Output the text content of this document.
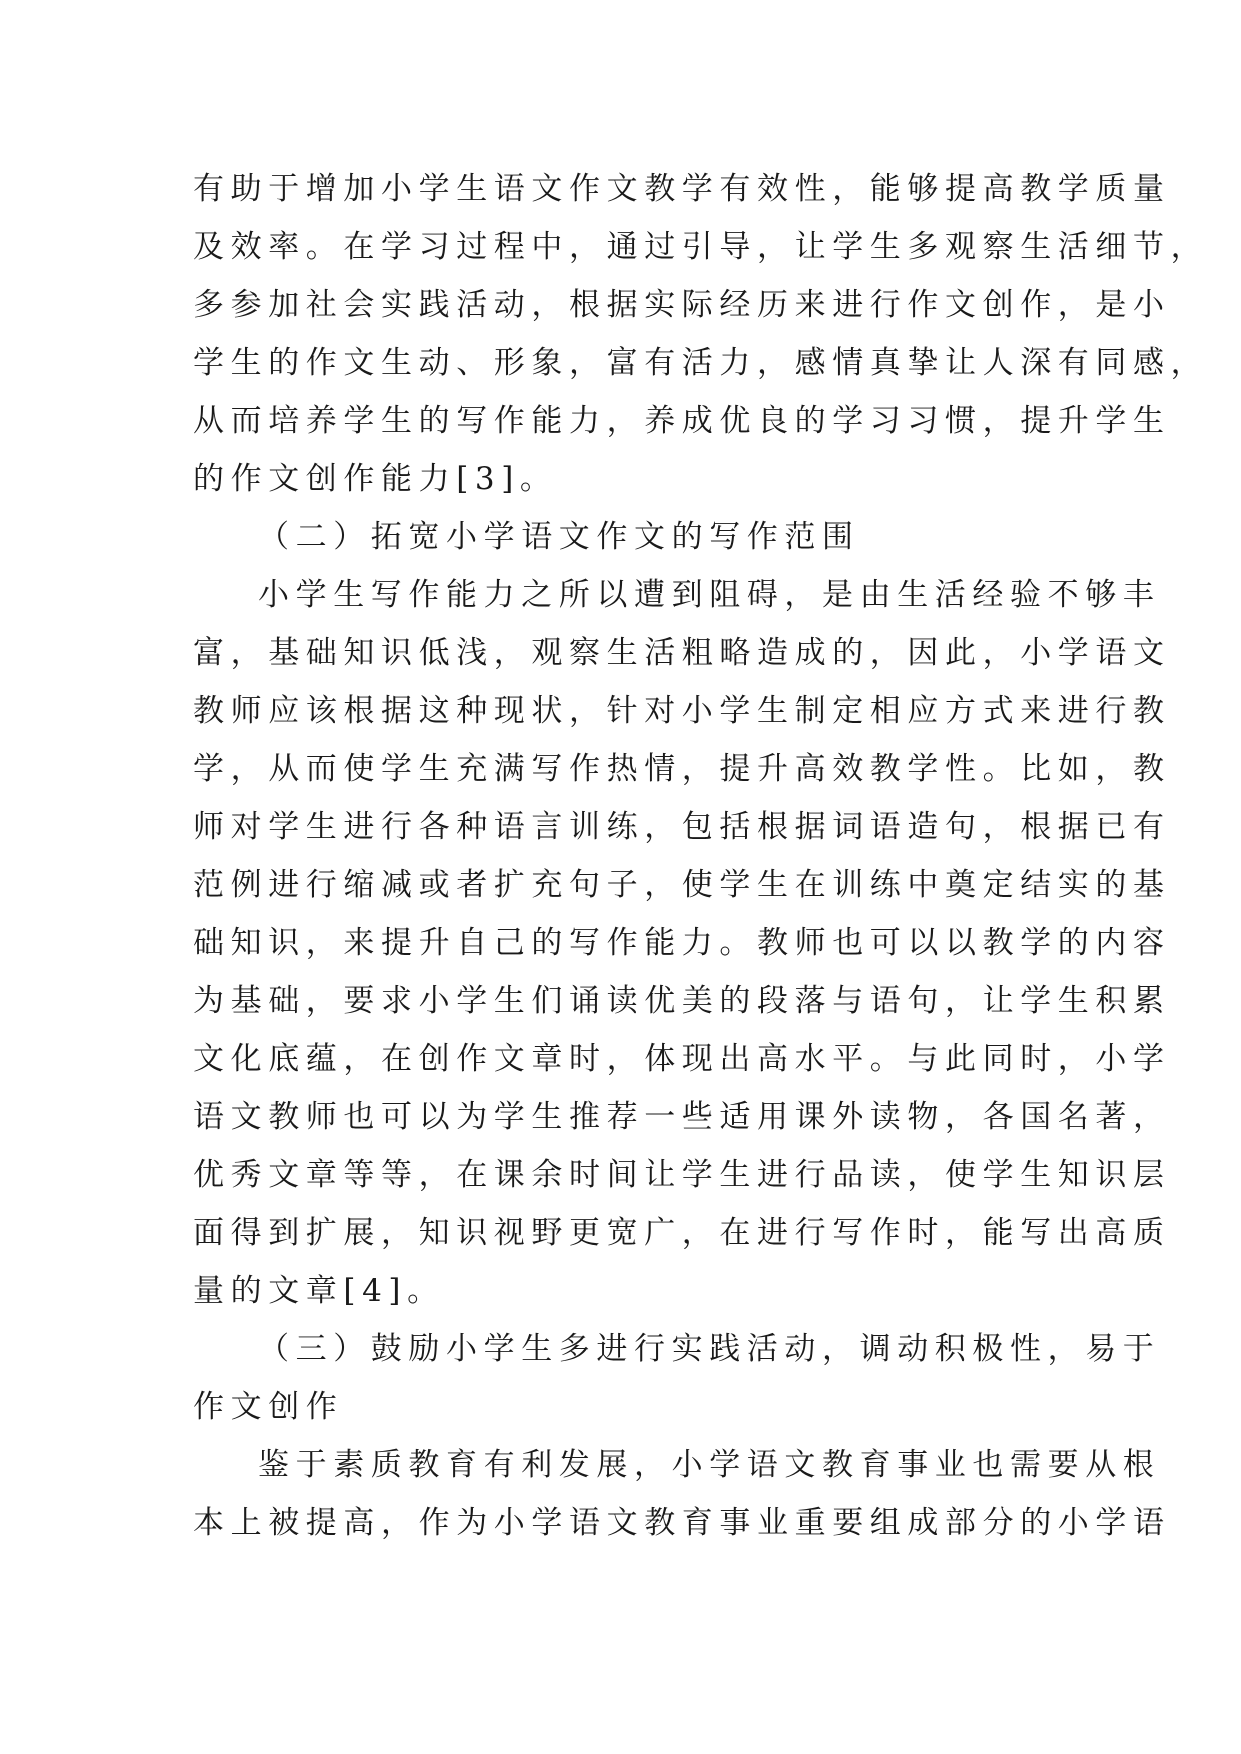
有助于增加小学生语文作文教学有效性，能够提高教学质量
及效率。在学习过程中，通过引导，让学生多观察生活细节，
多参加社会实践活动，根据实际经历来进行作文创作，是小
学生的作文生动、形象，富有活力，感情真挚让人深有同感，
从而培养学生的写作能力，养成优良的学习习惯，提升学生
的作文创作能力[3]。
（二）拓宽小学语文作文的写作范围
小学生写作能力之所以遭到阻碍，是由生活经验不够丰
富，基础知识低浅，观察生活粗略造成的，因此，小学语文
教师应该根据这种现状，针对小学生制定相应方式来进行教
学，从而使学生充满写作热情，提升高效教学性。比如，教
师对学生进行各种语言训练，包括根据词语造句，根据已有
范例进行缩减或者扩充句子，使学生在训练中奠定结实的基
础知识，来提升自己的写作能力。教师也可以以教学的内容
为基础，要求小学生们诵读优美的段落与语句，让学生积累
文化底蕴，在创作文章时，体现出高水平。与此同时，小学
语文教师也可以为学生推荐一些适用课外读物，各国名著，
优秀文章等等，在课余时间让学生进行品读，使学生知识层
面得到扩展，知识视野更宽广，在进行写作时，能写出高质
量的文章[4]。
（三）鼓励小学生多进行实践活动，调动积极性，易于
作文创作
鉴于素质教育有利发展，小学语文教育事业也需要从根
本上被提高，作为小学语文教育事业重要组成部分的小学语
